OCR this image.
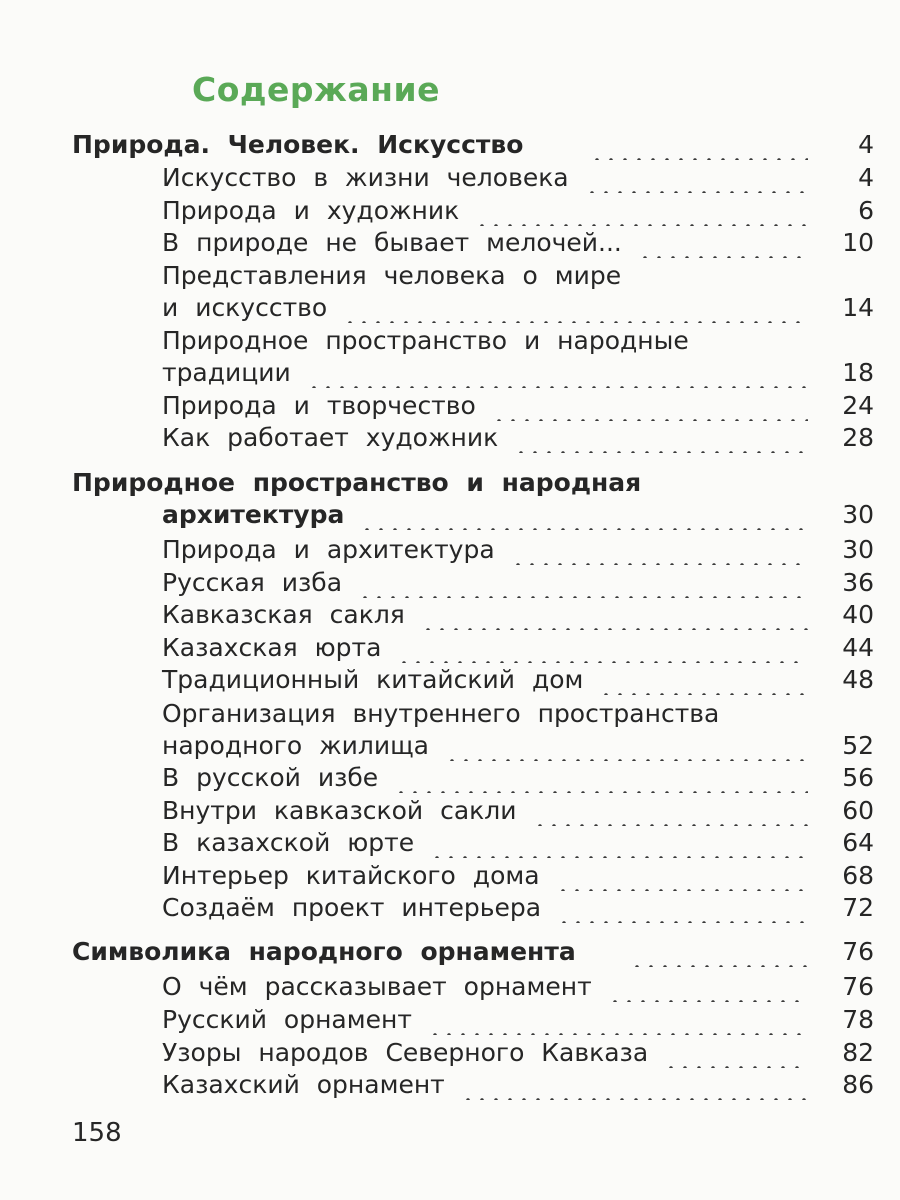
Содержание
Природа. Человек. Искусство	4
Искусство в жизни человека	4
Природа и художник	6
В природе не бывает мелочей...	10
Представления человека о мире
и искусство	14
Природное пространство и народные
традиции	18
Природа и творчество	24
Как работает художник	28
Природное пространство и народная
архитектура	30
Природа и архитектура	30
Русская изба	36
Кавказская сакля	40
Казахская юрта	44
Традиционный китайский дом	48
Организация внутреннего пространства
народного жилища	52
В русской избе	56
Внутри кавказской сакли	60
В казахской юрте	64
Интерьер китайского дома	68
Создаём проект интерьера	72
Символика народного орнамента	76
О чём рассказывает орнамент	76
Русский орнамент	78
Узоры народов Северного Кавказа	82
Казахский орнамент	86
158
